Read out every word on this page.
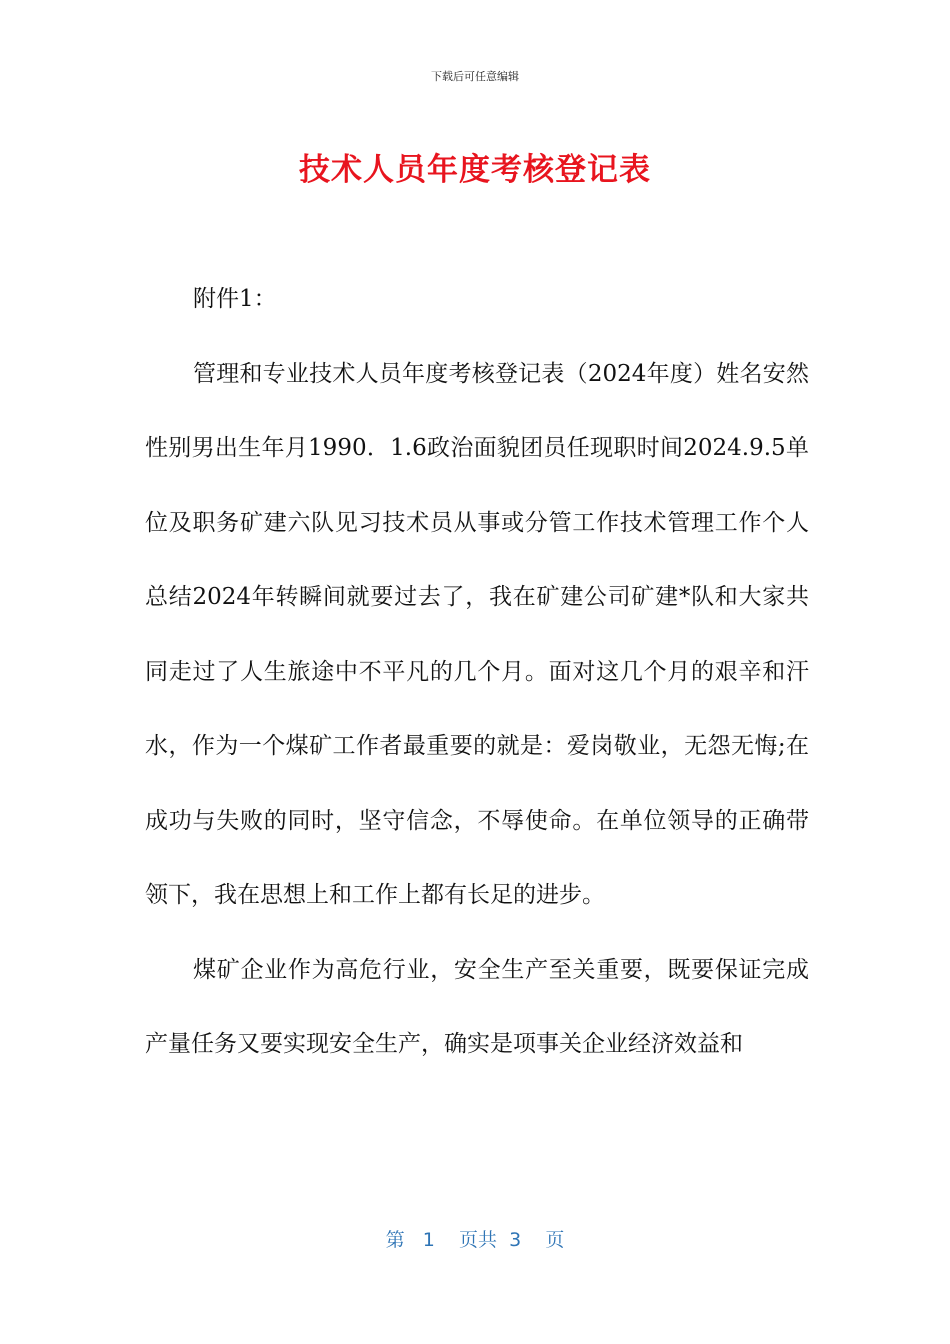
下载后可任意编辑
技术人员年度考核登记表

附件1：

管理和专业技术人员年度考核登记表（2024年度）姓名安然性别男出生年月1990．1.6政治面貌团员任现职时间2024.9.5单位及职务矿建六队见习技术员从事或分管工作技术管理工作个人总结2024年转瞬间就要过去了，我在矿建公司矿建*队和大家共同走过了人生旅途中不平凡的几个月。面对这几个月的艰辛和汗水，作为一个煤矿工作者最重要的就是：爱岗敬业，无怨无悔;在成功与失败的同时，坚守信念，不辱使命。在单位领导的正确带领下，我在思想上和工作上都有长足的进步。

煤矿企业作为高危行业，安全生产至关重要，既要保证完成产量任务又要实现安全生产，确实是项事关企业经济效益和

第 1 页共 3 页
